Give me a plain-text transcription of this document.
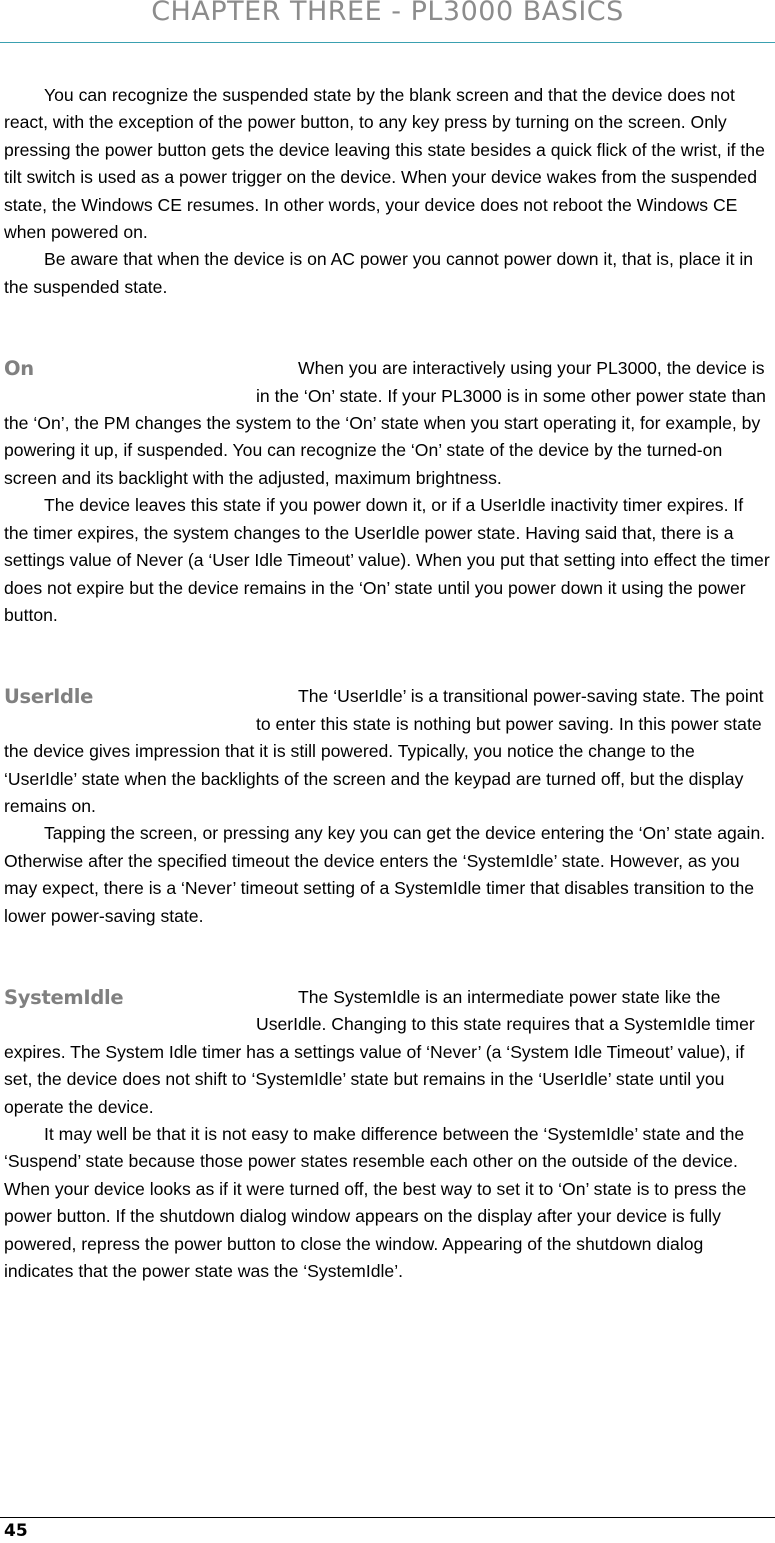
CHAPTER THREE - PL3000 BASICS

You can recognize the suspended state by the blank screen and that the device does not react, with the exception of the power button, to any key press by turning on the screen. Only pressing the power button gets the device leaving this state besides a quick flick of the wrist, if the tilt switch is used as a power trigger on the device. When your device wakes from the suspended state, the Windows CE resumes. In other words, your device does not reboot the Windows CE when powered on.

Be aware that when the device is on AC power you cannot power down it, that is, place it in the suspended state.

On	When you are interactively using your PL3000, the device is in the ‘On’ state. If your PL3000 is in some other power state than the ‘On’, the PM changes the system to the ‘On’ state when you start operating it, for example, by powering it up, if suspended. You can recognize the ‘On’ state of the device by the turned-on screen and its backlight with the adjusted, maximum brightness.

The device leaves this state if you power down it, or if a UserIdle inactivity timer expires. If the timer expires, the system changes to the UserIdle power state. Having said that, there is a settings value of Never (a ‘User Idle Timeout’ value). When you put that setting into effect the timer does not expire but the device remains in the ‘On’ state until you power down it using the power button.

UserIdle	The ‘UserIdle’ is a transitional power-saving state. The point to enter this state is nothing but power saving. In this power state the device gives impression that it is still powered. Typically, you notice the change to the ‘UserIdle’ state when the backlights of the screen and the keypad are turned off, but the display remains on.

Tapping the screen, or pressing any key you can get the device entering the ‘On’ state again. Otherwise after the specified timeout the device enters the ‘SystemIdle’ state. However, as you may expect, there is a ‘Never’ timeout setting of a SystemIdle timer that disables transition to the lower power-saving state.

SystemIdle	The SystemIdle is an intermediate power state like the UserIdle. Changing to this state requires that a SystemIdle timer expires. The System Idle timer has a settings value of ‘Never’ (a ‘System Idle Timeout’ value), if set, the device does not shift to ‘SystemIdle’ state but remains in the ‘UserIdle’ state until you operate the device.

It may well be that it is not easy to make difference between the ‘SystemIdle’ state and the ‘Suspend’ state because those power states resemble each other on the outside of the device. When your device looks as if it were turned off, the best way to set it to ‘On’ state is to press the power button. If the shutdown dialog window appears on the display after your device is fully powered, repress the power button to close the window. Appearing of the shutdown dialog indicates that the power state was the ‘SystemIdle’.

45
